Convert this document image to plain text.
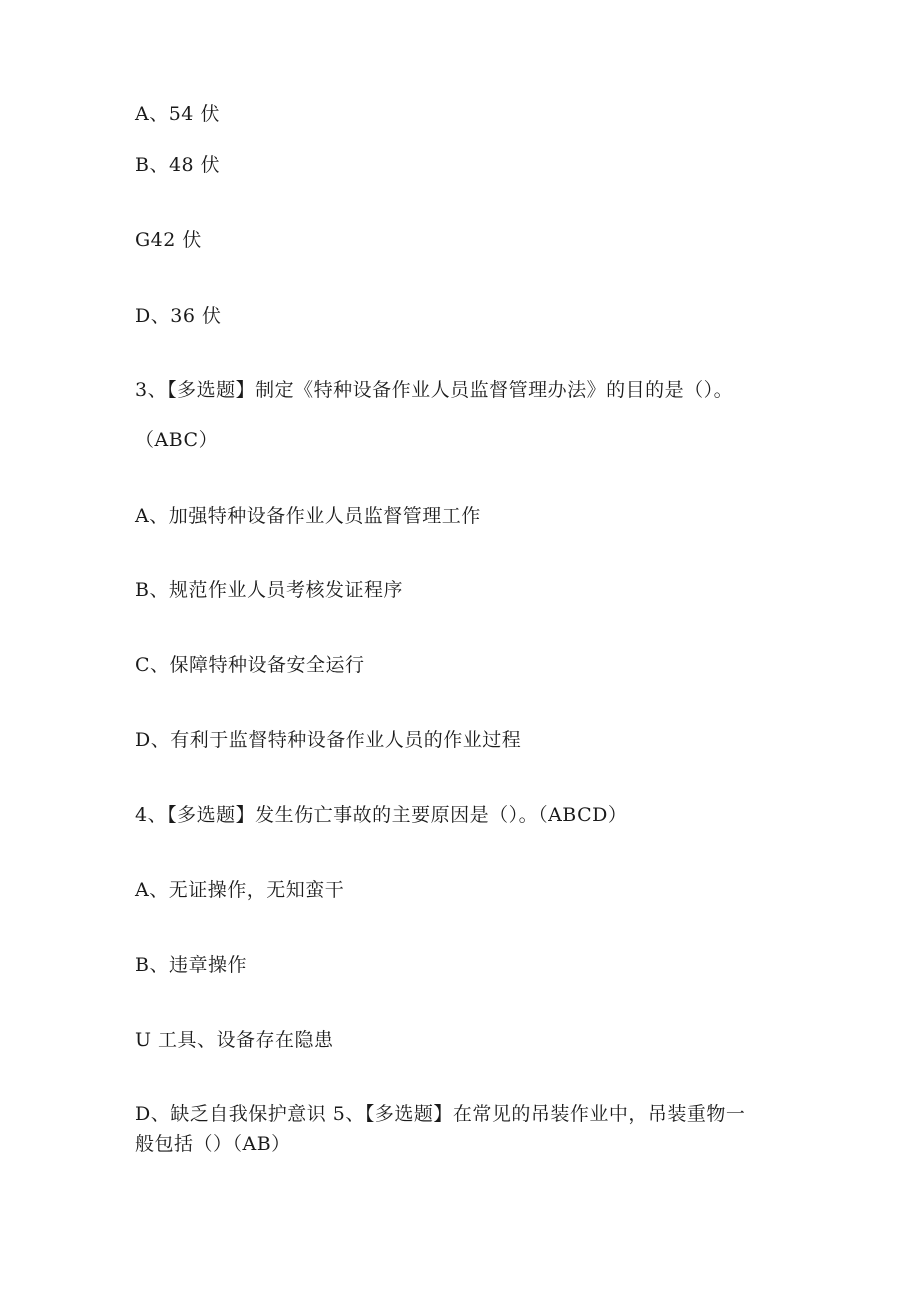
A、54 伏
B、48 伏
G42 伏
D、36 伏
3、【多选题】制定《特种设备作业人员监督管理办法》的目的是（）。
（ABC）
A、加强特种设备作业人员监督管理工作
B、规范作业人员考核发证程序
C、保障特种设备安全运行
D、有利于监督特种设备作业人员的作业过程
4、【多选题】发生伤亡事故的主要原因是（）。（ABCD）
A、无证操作，无知蛮干
B、违章操作
U 工具、设备存在隐患
D、缺乏自我保护意识 5、【多选题】在常见的吊装作业中，吊装重物一
般包括（）（AB）
